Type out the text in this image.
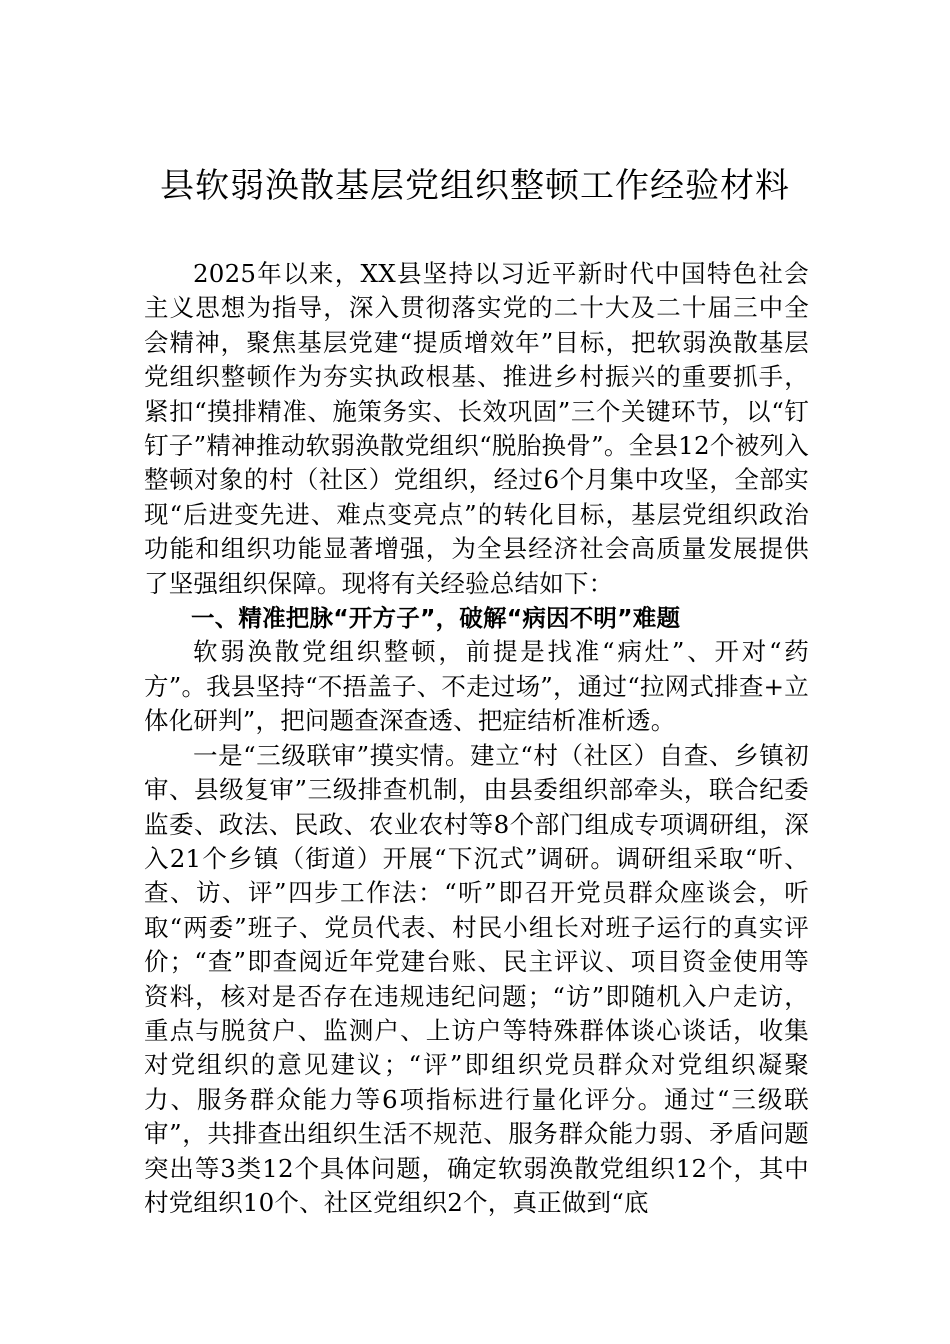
县软弱涣散基层党组织整顿工作经验材料

2025年以来，XX县坚持以习近平新时代中国特色社会主义思想为指导，深入贯彻落实党的二十大及二十届三中全会精神，聚焦基层党建“提质增效年”目标，把软弱涣散基层党组织整顿作为夯实执政根基、推进乡村振兴的重要抓手，紧扣“摸排精准、施策务实、长效巩固”三个关键环节，以“钉钉子”精神推动软弱涣散党组织“脱胎换骨”。全县12个被列入整顿对象的村（社区）党组织，经过6个月集中攻坚，全部实现“后进变先进、难点变亮点”的转化目标，基层党组织政治功能和组织功能显著增强，为全县经济社会高质量发展提供了坚强组织保障。现将有关经验总结如下：

一、精准把脉“开方子”，破解“病因不明”难题

软弱涣散党组织整顿，前提是找准“病灶”、开对“药方”。我县坚持“不捂盖子、不走过场”，通过“拉网式排查+立体化研判”，把问题查深查透、把症结析准析透。

一是“三级联审”摸实情。建立“村（社区）自查、乡镇初审、县级复审”三级排查机制，由县委组织部牵头，联合纪委监委、政法、民政、农业农村等8个部门组成专项调研组，深入21个乡镇（街道）开展“下沉式”调研。调研组采取“听、查、访、评”四步工作法：“听”即召开党员群众座谈会，听取“两委”班子、党员代表、村民小组长对班子运行的真实评价；“查”即查阅近年党建台账、民主评议、项目资金使用等资料，核对是否存在违规违纪问题；“访”即随机入户走访，重点与脱贫户、监测户、上访户等特殊群体谈心谈话，收集对党组织的意见建议；“评”即组织党员群众对党组织凝聚力、服务群众能力等6项指标进行量化评分。通过“三级联审”，共排查出组织生活不规范、服务群众能力弱、矛盾问题突出等3类12个具体问题，确定软弱涣散党组织12个，其中村党组织10个、社区党组织2个，真正做到“底
